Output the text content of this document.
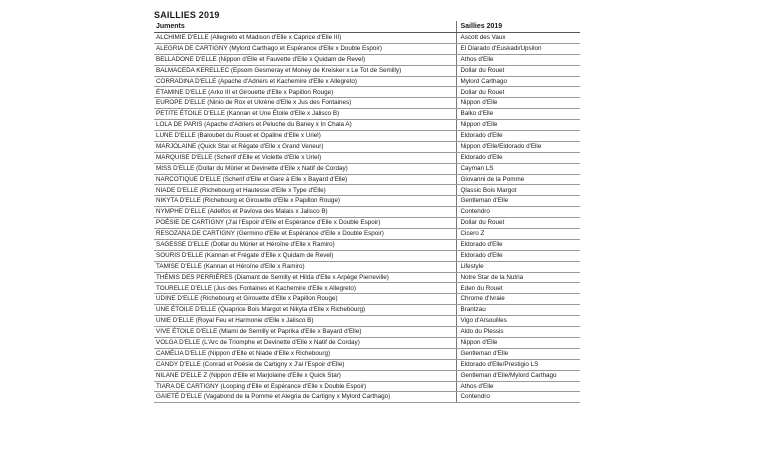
SAILLIES 2019
Juments	Saillies 2019
ALCHIMIE D'ELLE (Allegreto et Madison d'Elle x Caprice d'Elle III)	Ascott des Vaux
ALEGRIA DE CARTIGNY (Mylord Carthago et Espérance d'Elle x Double Espoir)	El Diarado d'Euskadi/Upsilon
BELLADONE D'ELLE (Nippon d'Elle et Fauvette d'Elle x Quidam de Revel)	Athos d'Elle
BALMACEDA KERELLEC (Epsom Gesmeray et Money de Kreisker x Le Tot de Semilly)	Dollar du Rouet
CORRADINA D'ELLE (Apache d'Adriers et Kachemire d'Elle x Allegreto)	Mylord Carthago
ÉTAMINE D'ELLE (Arko III et Girouette d'Elle x Papillon Rouge)	Dollar du Rouet
EUROPE D'ELLE (Ninio de Rox et Ukrène d'Elle x Jus des Fontaines)	Nippon d'Elle
PETITE ÉTOILE D'ELLE (Kannan et Une Étoile d'Elle x Jalisco B)	Balko d'Elle
LOLA DE PARIS (Apache d'Adriers et Peluche du Baney x In Chala A)	Nippon d'Elle
LUNE D'ELLE (Baloubet du Rouet et Opaline d'Elle x Uriel)	Eldorado d'Elle
MARJOLAINE (Quick Star et Régate d'Elle x Grand Veneur)	Nippon d'Elle/Eldorado d'Elle
MARQUISE D'ELLE (Scherif d'Elle et Violette d'Elle x Uriel)	Eldorado d'Elle
MISS D'ELLE (Dollar du Mûrier et Devinette d'Elle x Natif de Corday)	Cayman LS
NARCOTIQUE D'ELLE (Scherif d'Elle et Gare à Elle x Bayard d'Elle)	Giovanni de la Pomme
NIADE D'ELLE (Richebourg et Hautesse d'Elle x Type d'Elle)	Qlassic Bois Margot
NIKYTA D'ELLE (Richebourg et Girouette d'Elle x Papillon Rouge)	Gentleman d'Elle
NYMPHE D'ELLE (Adelfos et Pavlova des Malais x Jalisco B)	Contendro
POÉSIE DE CARTIGNY (J'ai l'Espoir d'Elle et Espérance d'Elle x Double Espoir)	Dollar du Rouet
RESOZANA DE CARTIGNY (Germino d'Elle et Espérance d'Elle x Double Espoir)	Cicero Z
SAGESSE D'ELLE (Dollar du Mûrier et Héroïne d'Elle x Ramiro)	Eldorado d'Elle
SOURIS D'ELLE (Kannan et Frégate d'Elle x Quidam de Revel)	Eldorado d'Elle
TAMISE D'ELLE (Kannan et Héroïne d'Elle x Ramiro)	Lifestyle
THÉMIS DES PERRIÈRES (Diamant de Semilly et Hilda d'Elle x Arpège Pierreville)	Notre Star de la Nutria
TOURELLE D'ELLE (Jus des Fontaines et Kachemire d'Elle x Allegreto)	Eden du Rouet
UDINE D'ELLE (Richebourg et Girouette d'Elle x Papillon Rouge)	Chrome d'Ivraie
UNE ÉTOILE D'ELLE (Quaprice Bois Margot et Nikyta d'Elle x Richebourg)	Brantzau
UNIE D'ELLE (Royal Feu et Harmonie d'Elle x Jalisco B)	Vigo d'Arsouilles
VIVE ÉTOILE D'ELLE (Miami de Semilly et Paprika d'Elle x Bayard d'Elle)	Aldo du Plessis
VOLGA D'ELLE (L'Arc de Triomphe et Devinette d'Elle x Natif de Corday)	Nippon d'Elle
CAMÉLIA D'ELLE (Nippon d'Elle et Niade d'Elle x Richebourg)	Gentleman d'Elle
CANDY D'ELLE (Conrad et Poésie de Cartigny x J'ai l'Espoir d'Elle)	Eldorado d'Elle/Prestigio LS
NILANE D'ELLE Z (Nippon d'Elle et Marjolaine d'Elle x Quick Star)	Gentleman d'Elle/Mylord Carthago
TIARA DE CARTIGNY (Looping d'Elle et Espérance d'Elle x Double Espoir)	Athos d'Elle
GAIETÉ D'ELLE (Vagabond de la Pomme et Alegria de Cartigny x Mylord Carthago)	Contendro
